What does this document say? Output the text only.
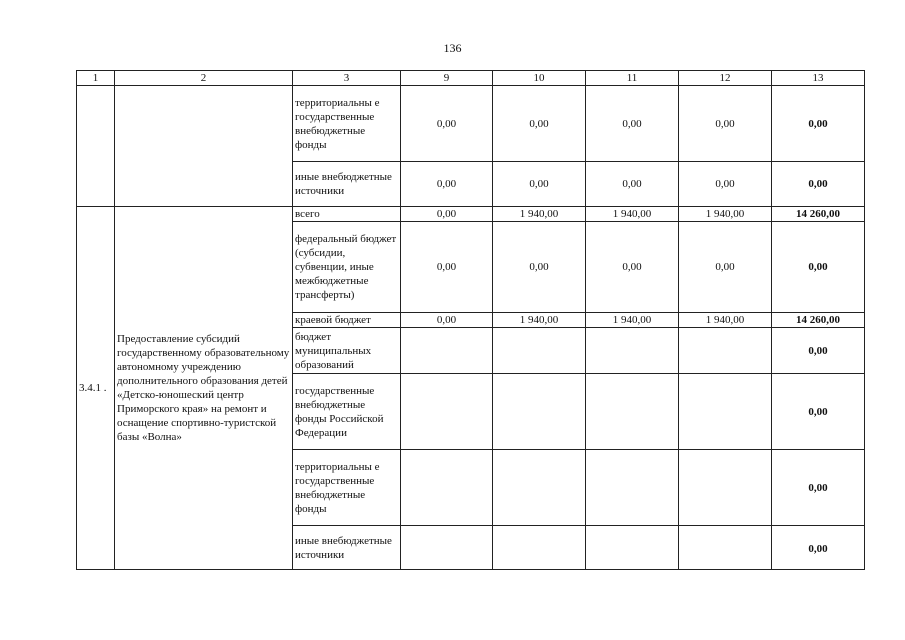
136
1	2	3	9	10	11	12	13
		территориальны е государственные внебюджетные фонды	0,00	0,00	0,00	0,00	0,00
		иные внебюджетные источники	0,00	0,00	0,00	0,00	0,00
3.4.1 .	Предоставление субсидий государственному образовательному автономному учреждению дополнительного образования детей «Детско-юношеский центр Приморского края» на ремонт и оснащение спортивно-туристской базы «Волна»	всего	0,00	1 940,00	1 940,00	1 940,00	14 260,00
		федеральный бюджет (субсидии, субвенции, иные межбюджетные трансферты)	0,00	0,00	0,00	0,00	0,00
		краевой бюджет	0,00	1 940,00	1 940,00	1 940,00	14 260,00
		бюджет муниципальных образований					0,00
		государственные внебюджетные фонды Российской Федерации					0,00
		территориальны е государственные внебюджетные фонды					0,00
		иные внебюджетные источники					0,00
